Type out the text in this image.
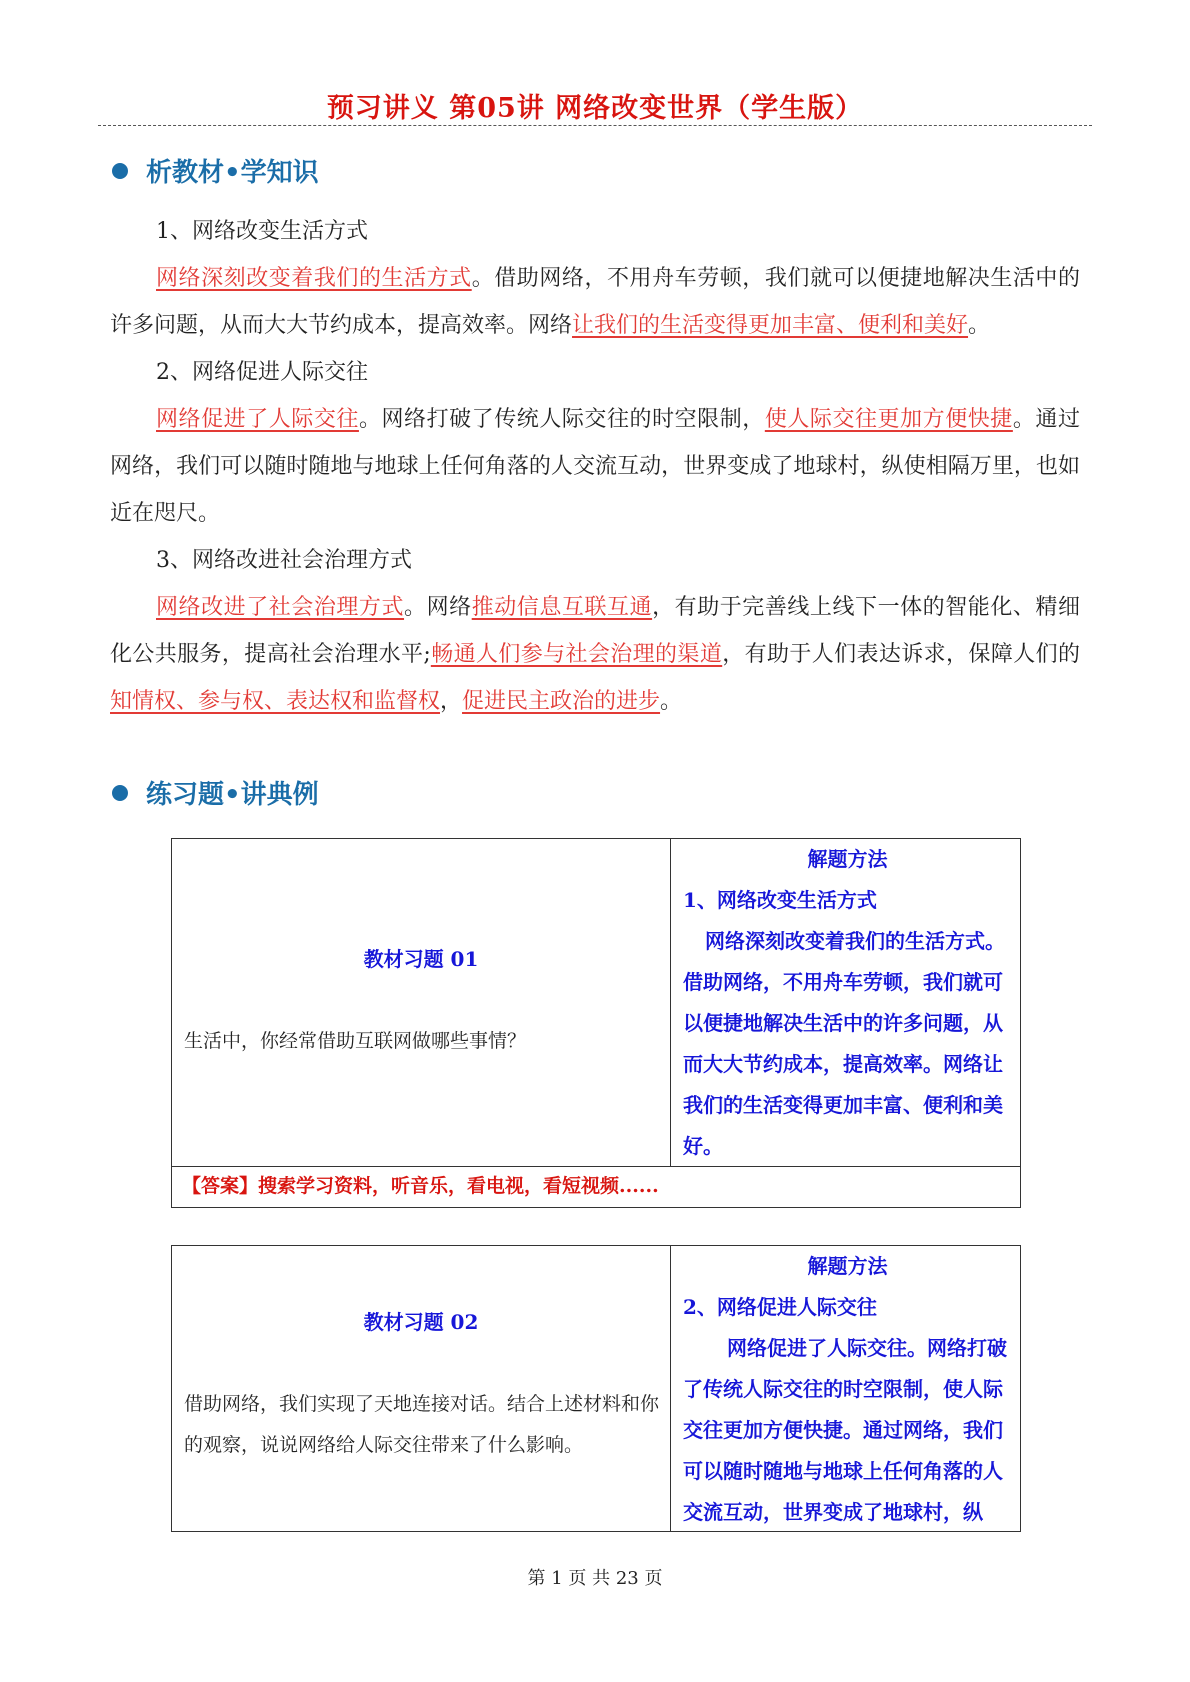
预习讲义 第05讲 网络改变世界（学生版）
析教材•学知识

1、网络改变生活方式

网络深刻改变着我们的生活方式。借助网络，不用舟车劳顿，我们就可以便捷地解决生活中的许多问题，从而大大节约成本，提高效率。网络让我们的生活变得更加丰富、便利和美好。

2、网络促进人际交往

网络促进了人际交往。网络打破了传统人际交往的时空限制，使人际交往更加方便快捷。通过网络，我们可以随时随地与地球上任何角落的人交流互动，世界变成了地球村，纵使相隔万里，也如近在咫尺。

3、网络改进社会治理方式

网络改进了社会治理方式。网络推动信息互联互通，有助于完善线上线下一体的智能化、精细化公共服务，提高社会治理水平;畅通人们参与社会治理的渠道，有助于人们表达诉求，保障人们的知情权、参与权、表达权和监督权，促进民主政治的进步。

练习题•讲典例
教材习题 01
生活中，你经常借助互联网做哪些事情？
解题方法
1、网络改变生活方式
网络深刻改变着我们的生活方式。借助网络，不用舟车劳顿，我们就可以便捷地解决生活中的许多问题，从而大大节约成本，提高效率。网络让我们的生活变得更加丰富、便利和美好。
【答案】搜索学习资料，听音乐，看电视，看短视频......
教材习题 02
借助网络，我们实现了天地连接对话。结合上述材料和你的观察，说说网络给人际交往带来了什么影响。
解题方法
2、网络促进人际交往
网络促进了人际交往。网络打破了传统人际交往的时空限制，使人际交往更加方便快捷。通过网络，我们可以随时随地与地球上任何角落的人交流互动，世界变成了地球村，纵
第 1 页 共 23 页
